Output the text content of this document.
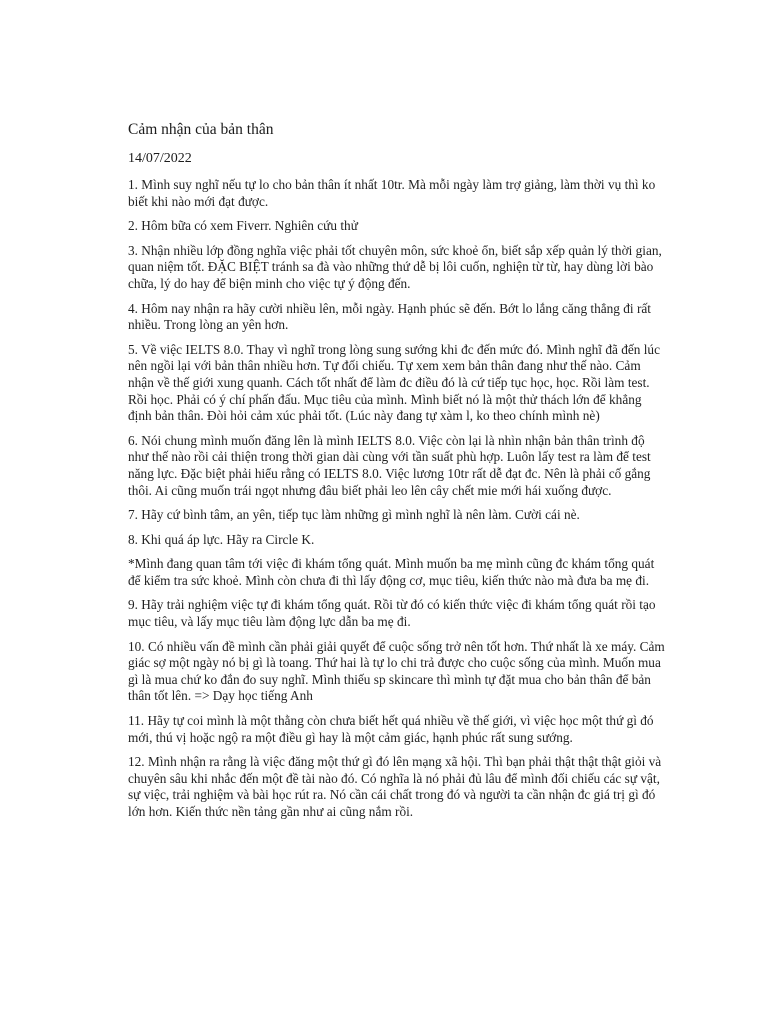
Cảm nhận của bản thân
14/07/2022

1. Mình suy nghĩ nếu tự lo cho bản thân ít nhất 10tr. Mà mỗi ngày làm trợ giảng, làm thời vụ thì ko biết khi nào mới đạt được.

2. Hôm bữa có xem Fiverr. Nghiên cứu thử

3. Nhận nhiều lớp đồng nghĩa việc phải tốt chuyên môn, sức khoẻ ổn, biết sắp xếp quản lý thời gian, quan niệm tốt. ĐẶC BIỆT tránh sa đà vào những thứ dễ bị lôi cuốn, nghiện từ từ, hay dùng lời bào chữa, lý do hay để biện minh cho việc tự ý động đến.

4. Hôm nay nhận ra hãy cười nhiều lên, mỗi ngày. Hạnh phúc sẽ đến. Bớt lo lắng căng thẳng đi rất nhiều. Trong lòng an yên hơn.

5. Về việc IELTS 8.0. Thay vì nghĩ trong lòng sung sướng khi đc đến mức đó. Mình nghĩ đã đến lúc nên ngồi lại với bản thân nhiều hơn. Tự đối chiếu. Tự xem xem bản thân đang như thế nào. Cảm nhận về thế giới xung quanh. Cách tốt nhất để làm đc điều đó là cứ tiếp tục học, học. Rồi làm test. Rồi học. Phải có ý chí phấn đấu. Mục tiêu của mình. Mình biết nó là một thử thách lớn để khẳng định bản thân. Đòi hỏi cảm xúc phải tốt. (Lúc này đang tự xàm l, ko theo chính mình nè)

6. Nói chung mình muốn đăng lên là mình IELTS 8.0. Việc còn lại là nhìn nhận bản thân trình độ như thế nào rồi cải thiện trong thời gian dài cùng với tần suất phù hợp. Luôn lấy test ra làm để test năng lực. Đặc biệt phải hiểu rằng có IELTS 8.0. Việc lương 10tr rất dễ đạt đc. Nên là phải cố gắng thôi. Ai cũng muốn trái ngọt nhưng đâu biết phải leo lên cây chết mie mới hái xuống được.

7. Hãy cứ bình tâm, an yên, tiếp tục làm những gì mình nghĩ là nên làm. Cười cái nè.

8. Khi quá áp lực. Hãy ra Circle K.

*Mình đang quan tâm tới việc đi khám tổng quát. Mình muốn ba mẹ mình cũng đc khám tổng quát để kiểm tra sức khoẻ. Mình còn chưa đi thì lấy động cơ, mục tiêu, kiến thức nào mà đưa ba mẹ đi.

9. Hãy trải nghiệm việc tự đi khám tổng quát. Rồi từ đó có kiến thức việc đi khám tổng quát rồi tạo mục tiêu, và lấy mục tiêu làm động lực dẫn ba mẹ đi.

10. Có nhiều vấn đề mình cần phải giải quyết để cuộc sống trở nên tốt hơn. Thứ nhất là xe máy. Cảm giác sợ một ngày nó bị gì là toang. Thứ hai là tự lo chi trả được cho cuộc sống của mình. Muốn mua gì là mua chứ ko đắn đo suy nghĩ. Mình thiếu sp skincare thì mình tự đặt mua cho bản thân để bản thân tốt lên. => Dạy học tiếng Anh

11. Hãy tự coi mình là một thằng còn chưa biết hết quá nhiều về thế giới, vì việc học một thứ gì đó mới, thú vị hoặc ngộ ra một điều gì hay là một cảm giác, hạnh phúc rất sung sướng.

12. Mình nhận ra rằng là việc đăng một thứ gì đó lên mạng xã hội. Thì bạn phải thật thật thật giỏi và chuyên sâu khi nhắc đến một đề tài nào đó. Có nghĩa là nó phải đủ lâu để mình đối chiếu các sự vật, sự việc, trải nghiệm và bài học rút ra. Nó cần cái chất trong đó và người ta cần nhận đc giá trị gì đó lớn hơn. Kiến thức nền tảng gần như ai cũng nắm rồi.
